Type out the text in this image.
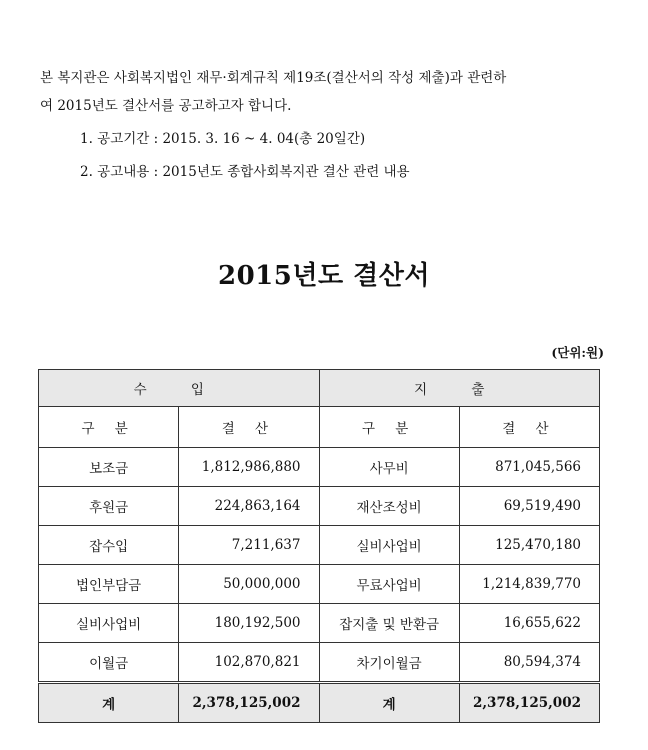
본 복지관은 사회복지법인 재무·회계규칙 제19조(결산서의 작성 제출)과 관련하
여 2015년도 결산서를 공고하고자 합니다.
1. 공고기간 : 2015. 3. 16 ~ 4. 04(총 20일간)
2. 공고내용 : 2015년도 종합사회복지관 결산 관련 내용
2015년도 결산서
(단위:원)
수 입		지 출	
구 분	결 산	구 분	결 산
보조금	1,812,986,880	사무비	871,045,566
후원금	224,863,164	재산조성비	69,519,490
잡수입	7,211,637	실비사업비	125,470,180
법인부담금	50,000,000	무료사업비	1,214,839,770
실비사업비	180,192,500	잡지출 및 반환금	16,655,622
이월금	102,870,821	차기이월금	80,594,374
계	2,378,125,002	계	2,378,125,002
